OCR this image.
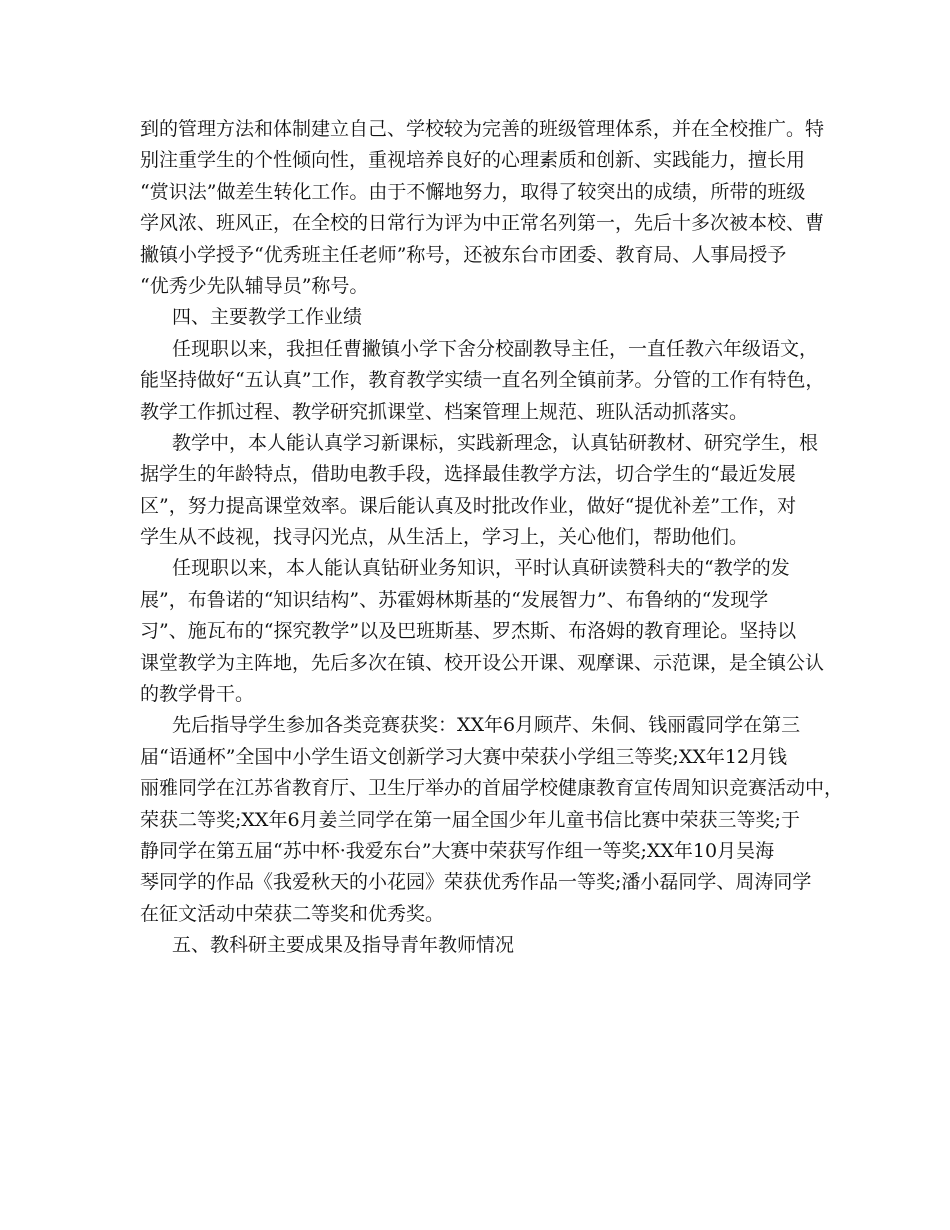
到的管理方法和体制建立自己、学校较为完善的班级管理体系，并在全校推广。特
别注重学生的个性倾向性，重视培养良好的心理素质和创新、实践能力，擅长用
“赏识法”做差生转化工作。由于不懈地努力，取得了较突出的成绩，所带的班级
学风浓、班风正，在全校的日常行为评为中正常名列第一，先后十多次被本校、曹
撇镇小学授予“优秀班主任老师”称号，还被东台市团委、教育局、人事局授予
“优秀少先队辅导员”称号。
四、主要教学工作业绩
任现职以来，我担任曹撇镇小学下舍分校副教导主任，一直任教六年级语文，
能坚持做好“五认真”工作，教育教学实绩一直名列全镇前茅。分管的工作有特色，
教学工作抓过程、教学研究抓课堂、档案管理上规范、班队活动抓落实。
教学中，本人能认真学习新课标，实践新理念，认真钻研教材、研究学生，根
据学生的年龄特点，借助电教手段，选择最佳教学方法，切合学生的“最近发展
区”，努力提高课堂效率。课后能认真及时批改作业，做好“提优补差”工作，对
学生从不歧视，找寻闪光点，从生活上，学习上，关心他们，帮助他们。
任现职以来，本人能认真钻研业务知识，平时认真研读赞科夫的“教学的发
展”，布鲁诺的“知识结构”、苏霍姆林斯基的“发展智力”、布鲁纳的“发现学
习”、施瓦布的“探究教学”以及巴班斯基、罗杰斯、布洛姆的教育理论。坚持以
课堂教学为主阵地，先后多次在镇、校开设公开课、观摩课、示范课，是全镇公认
的教学骨干。
先后指导学生参加各类竞赛获奖：XX年6月顾芹、朱侗、钱丽霞同学在第三
届“语通杯”全国中小学生语文创新学习大赛中荣获小学组三等奖;XX年12月钱
丽雅同学在江苏省教育厅、卫生厅举办的首届学校健康教育宣传周知识竞赛活动中，
荣获二等奖;XX年6月姜兰同学在第一届全国少年儿童书信比赛中荣获三等奖;于
静同学在第五届“苏中杯·我爱东台”大赛中荣获写作组一等奖;XX年10月吴海
琴同学的作品《我爱秋天的小花园》荣获优秀作品一等奖;潘小磊同学、周涛同学
在征文活动中荣获二等奖和优秀奖。
五、教科研主要成果及指导青年教师情况
